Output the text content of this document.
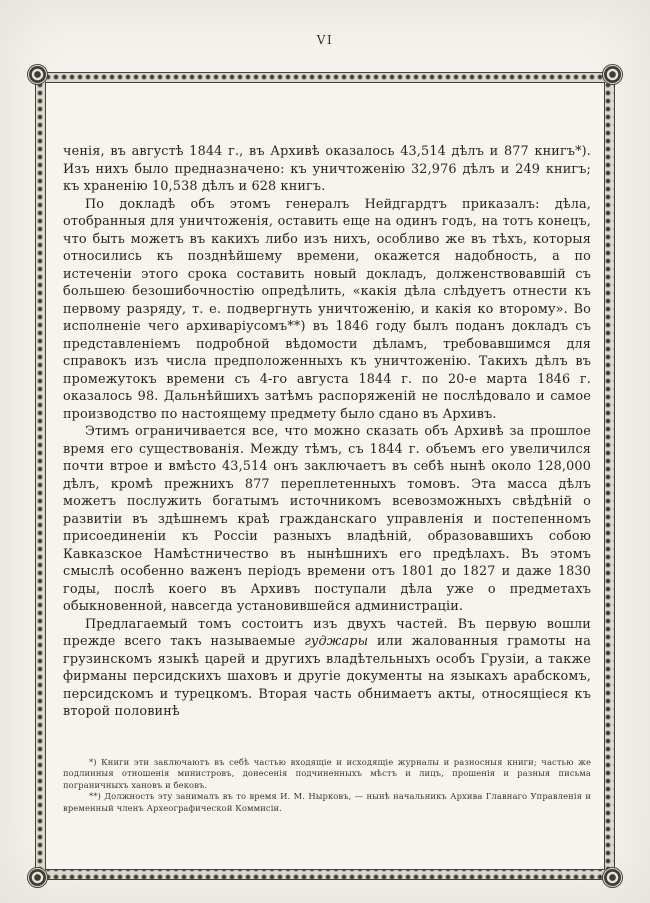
VI

ченія, въ августѣ 1844 г., въ Архивѣ оказалось 43,514 дѣлъ и 877 книгъ*). Изъ нихъ было предназначено: къ уничтоженію 32,976 дѣлъ и 249 книгъ; къ храненію 10,538 дѣлъ и 628 книгъ.

По докладѣ объ этомъ генералъ Нейдгардтъ приказалъ: дѣла, отобранныя для уничтоженія, оставить еще на одинъ годъ, на тотъ конецъ, что быть можетъ въ какихъ либо изъ нихъ, особливо же въ тѣхъ, которыя относились къ позднѣйшему времени, окажется надобность, а по истеченіи этого срока составить новый докладъ, долженствовавшій съ большею безошибочностію опредѣлить, «какія дѣла слѣдуетъ отнести къ первому разряду, т. е. подвергнуть уничтоженію, и какія ко второму». Во исполненіе чего архиваріусомъ**) въ 1846 году былъ поданъ докладъ съ представленіемъ подробной вѣдомости дѣламъ, требовавшимся для справокъ изъ числа предположенныхъ къ уничтоженію. Такихъ дѣлъ въ промежутокъ времени съ 4-го августа 1844 г. по 20-е марта 1846 г. оказалось 98. Дальнѣйшихъ затѣмъ распоряженій не послѣдовало и самое производство по настоящему предмету было сдано въ Архивъ.

Этимъ ограничивается все, что можно сказать объ Архивѣ за прошлое время его существованія. Между тѣмъ, съ 1844 г. объемъ его увеличился почти втрое и вмѣсто 43,514 онъ заключаетъ въ себѣ нынѣ около 128,000 дѣлъ, кромѣ прежнихъ 877 переплетенныхъ томовъ. Эта масса дѣлъ можетъ послужить богатымъ источникомъ всевозможныхъ свѣдѣній о развитіи въ здѣшнемъ краѣ гражданскаго управленія и постепенномъ присоединеніи къ Россіи разныхъ владѣній, образовавшихъ собою Кавказское Намѣстничество въ нынѣшнихъ его предѣлахъ. Въ этомъ смыслѣ особенно важенъ періодъ времени отъ 1801 до 1827 и даже 1830 годы, послѣ коего въ Архивъ поступали дѣла уже о предметахъ обыкновенной, навсегда установившейся администраціи.

Предлагаемый томъ состоитъ изъ двухъ частей. Въ первую вошли прежде всего такъ называемые гуджары или жалованныя грамоты на грузинскомъ языкѣ царей и другихъ владѣтельныхъ особъ Грузіи, а также фирманы персидскихъ шаховъ и другіе документы на языкахъ арабскомъ, персидскомъ и турецкомъ. Вторая часть обнимаетъ акты, относящіеся къ второй половинѣ

*) Книги эти заключаютъ въ себѣ частью входящіе и исходящіе журналы и разносныя книги; частью же подлинныя отношенія министровъ, донесенія подчиненныхъ мѣстъ и лицъ, прошенія и разныя письма пограничныхъ хановъ и бековъ.

**) Должность эту занималъ въ то время И. М. Нырковъ, — нынѣ начальникъ Архива Главнаго Управленія и временный членъ Археографической Коммисіи.
